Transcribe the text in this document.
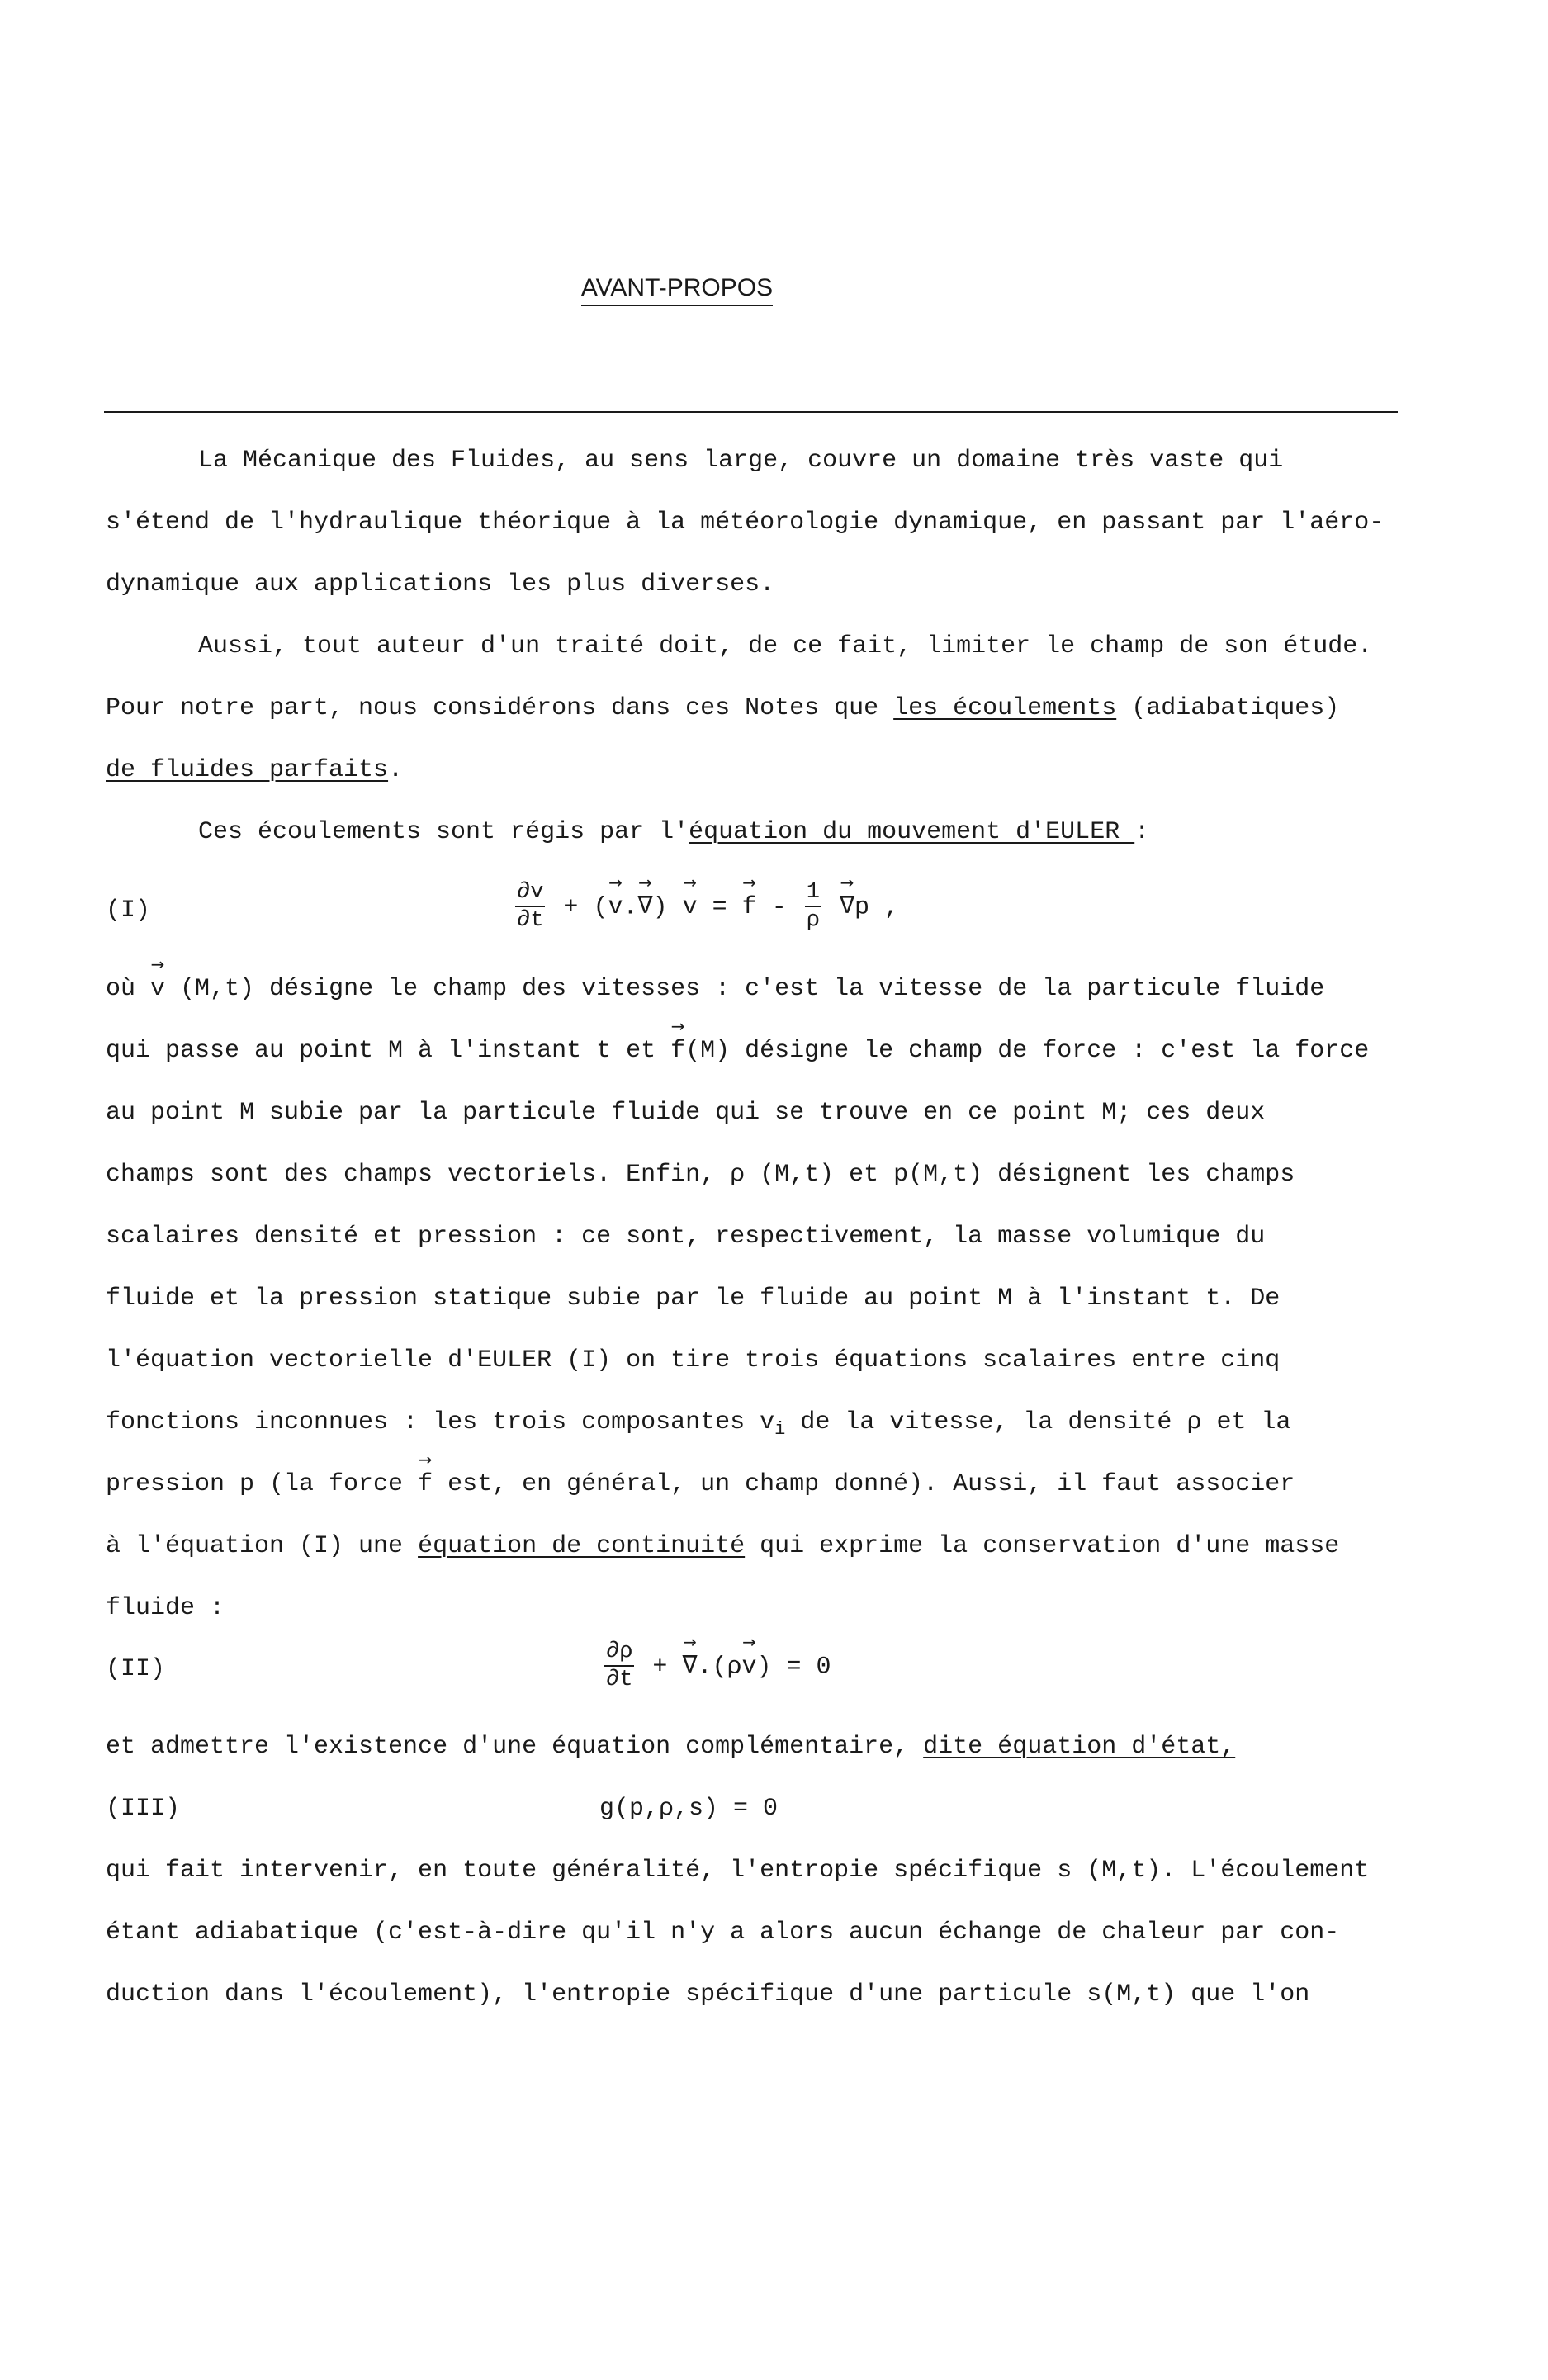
AVANT-PROPOS
La Mécanique des Fluides, au sens large, couvre un domaine très vaste qui
s'étend de l'hydraulique théorique à la météorologie dynamique, en passant par l'aéro-
dynamique aux applications les plus diverses.
Aussi, tout auteur d'un traité doit, de ce fait, limiter le champ de son étude.
Pour notre part, nous considérons dans ces Notes que les écoulements (adiabatiques)
de fluides parfaits.
Ces écoulements sont régis par l'équation du mouvement d'EULER :
(I)	$\frac{\partial v}{\partial t}$ + (→ v.→ ∇) → v = → f - $\frac{1}{\rho}$
→ ∇p ,
où → v (M,t) désigne le champ des vitesses : c'est la vitesse de la particule fluide
qui passe au point M à l'instant t et → f(M) désigne le champ de force : c'est la force
au point M subie par la particule fluide qui se trouve en ce point M; ces deux
champs sont des champs vectoriels. Enfin, ρ (M,t) et p(M,t) désignent les champs
scalaires densité et pression : ce sont, respectivement, la masse volumique du
fluide et la pression statique subie par le fluide au point M à l'instant t. De
l'équation vectorielle d'EULER (I) on tire trois équations scalaires entre cinq
fonctions inconnues : les trois composantes $v_i$ de la vitesse, la densité ρ et la
pression p (la force → f est, en général, un champ donné). Aussi, il faut associer
à l'équation (I) une équation de continuité qui exprime la conservation d'une masse
fluide :
(II)	$\frac{\partial\rho}{\partial t}$ + → ∇.(ρ→ v) = 0
et admettre l'existence d'une équation complémentaire, dite équation d'état,
(III)	g(p,ρ,s) = 0
qui fait intervenir, en toute généralité, l'entropie spécifique s (M,t). L'écoulement
étant adiabatique (c'est-à-dire qu'il n'y a alors aucun échange de chaleur par con-
duction dans l'écoulement), l'entropie spécifique d'une particule s(M,t) que l'on
